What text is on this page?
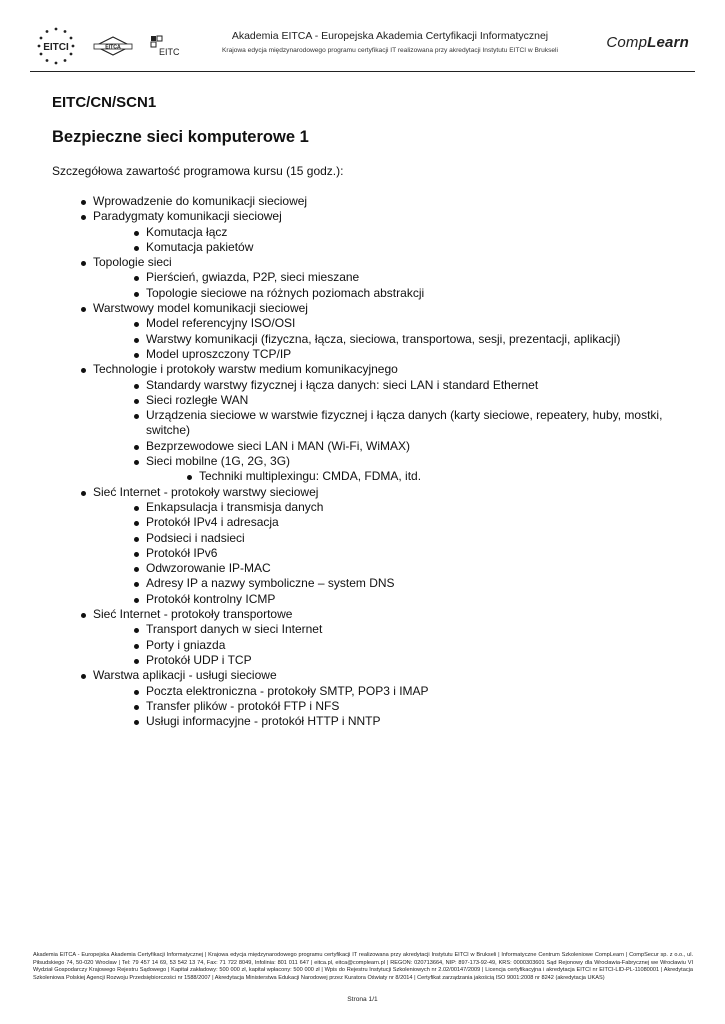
EITCI	EITCA	EITC
Akademia EITCA - Europejska Akademia Certyfikacji Informatycznej
Krajowa edycja międzynarodowego programu certyfikacji IT realizowana przy akredytacji Instytutu EITCI w Brukseli	CompLearn
EITC/CN/SCN1
Bezpieczne sieci komputerowe 1
Szczegółowa zawartość programowa kursu (15 godz.):
Wprowadzenie do komunikacji sieciowej
Paradygmaty komunikacji sieciowej
Komutacja łącz
Komutacja pakietów
Topologie sieci
Pierścień, gwiazda, P2P, sieci mieszane
Topologie sieciowe na różnych poziomach abstrakcji
Warstwowy model komunikacji sieciowej
Model referencyjny ISO/OSI
Warstwy komunikacji (fizyczna, łącza, sieciowa, transportowa, sesji, prezentacji, aplikacji)
Model uproszczony TCP/IP
Technologie i protokoły warstw medium komunikacyjnego
Standardy warstwy fizycznej i łącza danych: sieci LAN i standard Ethernet
Sieci rozległe WAN
Urządzenia sieciowe w warstwie fizycznej i łącza danych (karty sieciowe, repeatery, huby, mostki, switche)
Bezprzewodowe sieci LAN i MAN (Wi-Fi, WiMAX)
Sieci mobilne (1G, 2G, 3G)
Techniki multiplexingu: CMDA, FDMA, itd.
Sieć Internet - protokoły warstwy sieciowej
Enkapsulacja i transmisja danych
Protokół IPv4 i adresacja
Podsieci i nadsieci
Protokół IPv6
Odwzorowanie IP-MAC
Adresy IP a nazwy symboliczne – system DNS
Protokół kontrolny ICMP
Sieć Internet - protokoły transportowe
Transport danych w sieci Internet
Porty i gniazda
Protokół UDP i TCP
Warstwa aplikacji - usługi sieciowe
Poczta elektroniczna - protokoły SMTP, POP3 i IMAP
Transfer plików - protokół FTP i NFS
Usługi informacyjne - protokół HTTP i NNTP
Akademia EITCA - Europejska Akademia Certyfikacji Informatycznej | Krajowa edycja międzynarodowego programu certyfikacji IT realizowana przy akredytacji Instytutu EITCI w Brukseli | Informatyczne Centrum Szkoleniowe CompLearn | CompSecur sp. z o.o., ul. Piłsudskiego 74, 50-020 Wrocław | Tel: 79 457 14 69, 53 542 13 74, Fax: 71 722 8049, Infolinia: 801 011 647 | eitca.pl, eitca@complearn.pl | REGON: 020713664, NIP: 897-173-92-49, KRS: 0000303601 Sąd Rejonowy dla Wrocławia-Fabrycznej we Wrocławiu VI Wydział Gospodarczy Krajowego Rejestru Sądowego | Kapitał zakładowy: 500 000 zł, kapitał wpłacony: 500 000 zł | Wpis do Rejestru Instytucji Szkoleniowych nr 2.02/00147/2009 | Licencja certyfikacyjna i akredytacja EITCI nr EITCI-LID-PL-11080001 | Akredytacja Szkoleniowa Polskiej Agencji Rozwoju Przedsiębiorczości nr 1588/2007 | Akredytacja Ministerstwa Edukacji Narodowej przez Kuratora Oświaty nr 8/2014 | Certyfikat zarządzania jakością ISO 9001:2008 nr 8242 (akredytacja UKAS)
Strona 1/1
